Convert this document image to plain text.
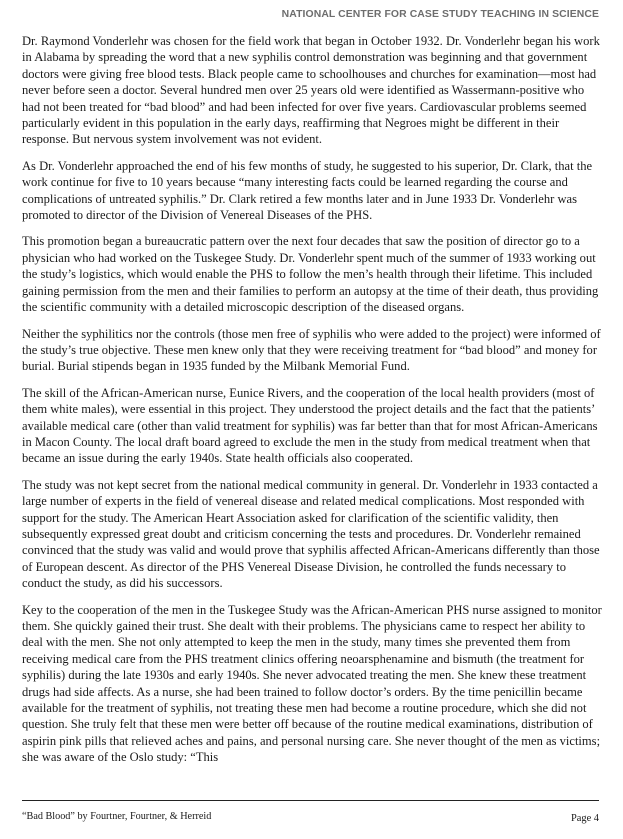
NATIONAL CENTER FOR CASE STUDY TEACHING IN SCIENCE

Dr. Raymond Vonderlehr was chosen for the field work that began in October 1932. Dr. Vonderlehr began his work in Alabama by spreading the word that a new syphilis control demonstration was beginning and that government doctors were giving free blood tests. Black people came to schoolhouses and churches for examination—most had never before seen a doctor. Several hundred men over 25 years old were identified as Wassermann-positive who had not been treated for “bad blood” and had been infected for over five years. Cardiovascular problems seemed particularly evident in this population in the early days, reaffirming that Negroes might be different in their response. But nervous system involvement was not evident.

As Dr. Vonderlehr approached the end of his few months of study, he suggested to his superior, Dr. Clark, that the work continue for five to 10 years because “many interesting facts could be learned regarding the course and complications of untreated syphilis.” Dr. Clark retired a few months later and in June 1933 Dr. Vonderlehr was promoted to director of the Division of Venereal Diseases of the PHS.

This promotion began a bureaucratic pattern over the next four decades that saw the position of director go to a physician who had worked on the Tuskegee Study. Dr. Vonderlehr spent much of the summer of 1933 working out the study’s logistics, which would enable the PHS to follow the men’s health through their lifetime. This included gaining permission from the men and their families to perform an autopsy at the time of their death, thus providing the scientific community with a detailed microscopic description of the diseased organs.

Neither the syphilitics nor the controls (those men free of syphilis who were added to the project) were informed of the study’s true objective. These men knew only that they were receiving treatment for “bad blood” and money for burial. Burial stipends began in 1935 funded by the Milbank Memorial Fund.

The skill of the African-American nurse, Eunice Rivers, and the cooperation of the local health providers (most of them white males), were essential in this project. They understood the project details and the fact that the patients’ available medical care (other than valid treatment for syphilis) was far better than that for most African-Americans in Macon County. The local draft board agreed to exclude the men in the study from medical treatment when that became an issue during the early 1940s. State health officials also cooperated.

The study was not kept secret from the national medical community in general. Dr. Vonderlehr in 1933 contacted a large number of experts in the field of venereal disease and related medical complications. Most responded with support for the study. The American Heart Association asked for clarification of the scientific validity, then subsequently expressed great doubt and criticism concerning the tests and procedures. Dr. Vonderlehr remained convinced that the study was valid and would prove that syphilis affected African-Americans differently than those of European descent. As director of the PHS Venereal Disease Division, he controlled the funds necessary to conduct the study, as did his successors.

Key to the cooperation of the men in the Tuskegee Study was the African-American PHS nurse assigned to monitor them. She quickly gained their trust. She dealt with their problems. The physicians came to respect her ability to deal with the men. She not only attempted to keep the men in the study, many times she prevented them from receiving medical care from the PHS treatment clinics offering neoarsphenamine and bismuth (the treatment for syphilis) during the late 1930s and early 1940s. She never advocated treating the men. She knew these treatment drugs had side affects. As a nurse, she had been trained to follow doctor’s orders. By the time penicillin became available for the treatment of syphilis, not treating these men had become a routine procedure, which she did not question. She truly felt that these men were better off because of the routine medical examinations, distribution of aspirin pink pills that relieved aches and pains, and personal nursing care. She never thought of the men as victims; she was aware of the Oslo study: “This

“Bad Blood” by Fourtner, Fourtner, & Herreid	Page 4
